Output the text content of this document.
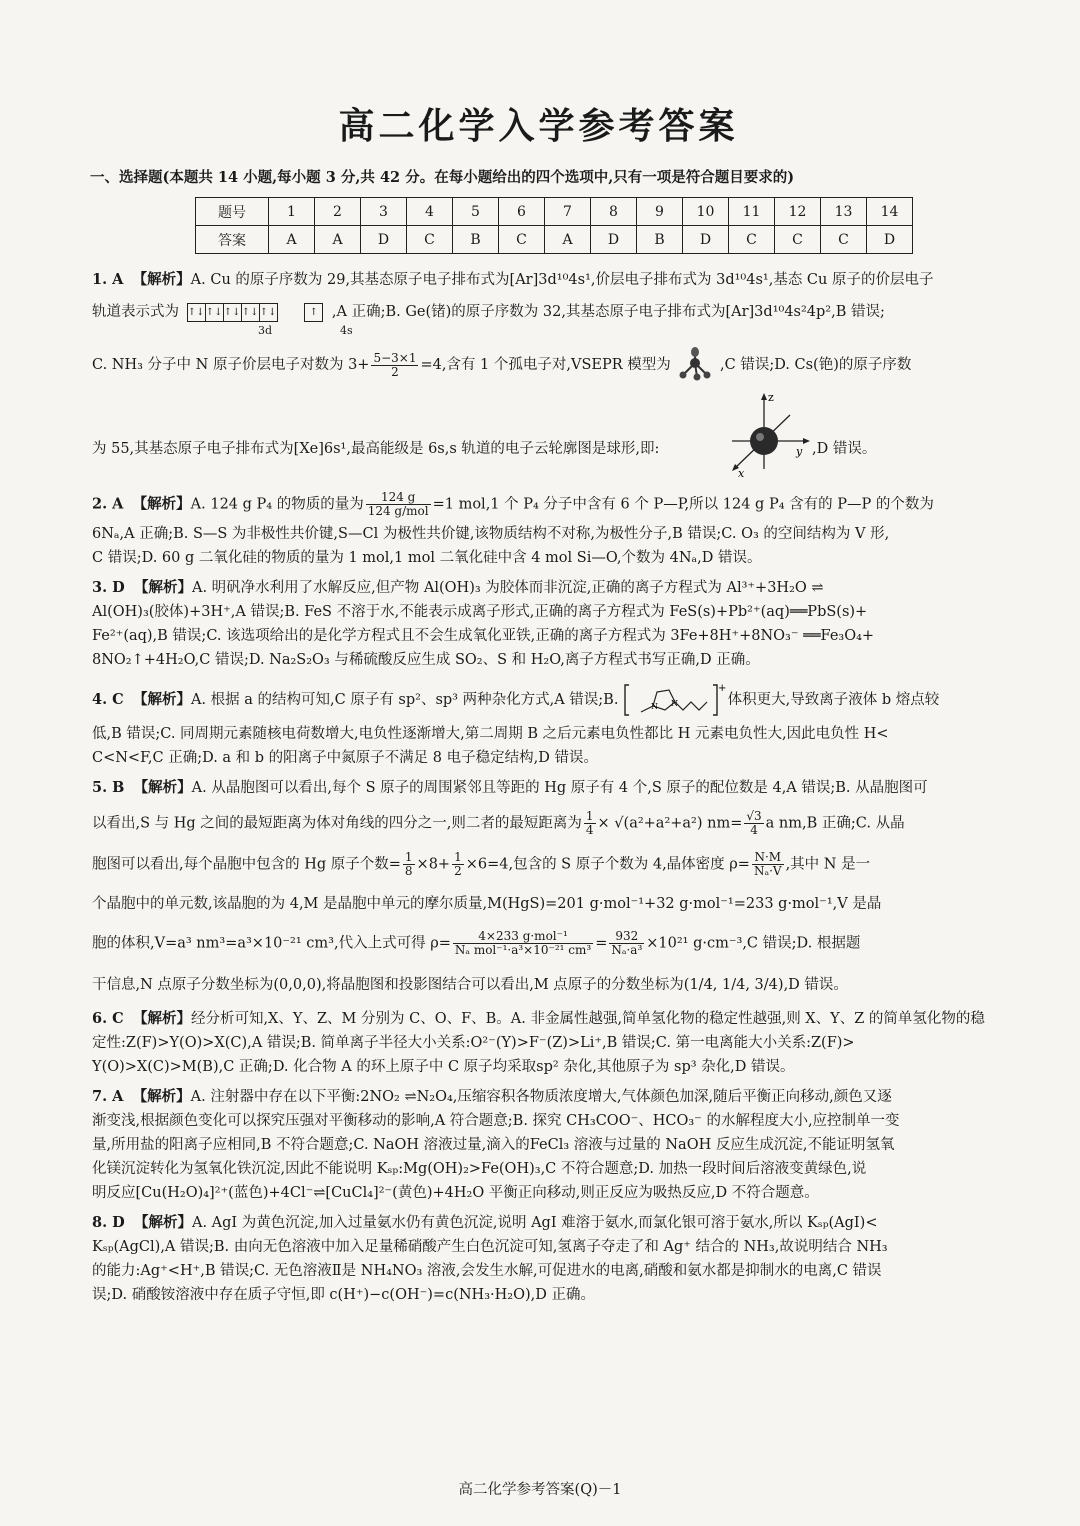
高二化学入学参考答案
一、选择题(本题共 14 小题,每小题 3 分,共 42 分。在每小题给出的四个选项中,只有一项是符合题目要求的)
题号	1	2	3	4	5	6	7	8	9	10	11	12	13	14
答案	A	A	D	C	B	C	A	D	B	D	C	C	C	D

1. A 【解析】A. Cu 的原子序数为 29,其基态原子电子排布式为[Ar]3d¹⁰4s¹,价层电子排布式为 3d¹⁰4s¹,基态 Cu 原子的价层电子

轨道表示式为 ↑↓↑↓↑↓↑↓↑↓	↑ ,A 正确;B. Ge(锗)的原子序数为 32,其基态原子电子排布式为[Ar]3d¹⁰4s²4p²,B 错误;

3d	4s

C. NH₃ 分子中 N 原子价层电子对数为 $3+ \frac{5-3\times 1}{2} =4$,含有 1 个孤电子对,VSEPR 模型为	,C 错误;D. Cs(铯)的原子序数

为 55,其基态原子电子排布式为[Xe]6s¹,最高能级是 6s,s 轨道的电子云轮廓图是球形,即:
z
y
x
,D 错误。

2. A 【解析】A. 124 g P₄ 的物质的量为 $\frac{124 g}{\text{124 g/mol}} =1$ mol,1 个 P₄ 分子中含有 6 个 P—P,所以 124 g P₄ 含有的 P—P 的个数为

6Nₐ,A 正确;B. S—S 为非极性共价键,S—Cl 为极性共价键,该物质结构不对称,为极性分子,B 错误;C. O₃ 的空间结构为 V 形,

C 错误;D. 60 g 二氧化硅的物质的量为 1 mol,1 mol 二氧化硅中含 4 mol Si—O,个数为 4Nₐ,D 错误。

3. D 【解析】A. 明矾净水利用了水解反应,但产物 Al(OH)₃ 为胶体而非沉淀,正确的离子方程式为 Al³⁺+3H₂O ⇌

Al(OH)₃(胶体)+3H⁺,A 错误;B. FeS 不溶于水,不能表示成离子形式,正确的离子方程式为 FeS(s)+Pb²⁺(aq)══PbS(s)+

Fe²⁺(aq),B 错误;C. 该选项给出的是化学方程式且不会生成氧化亚铁,正确的离子方程式为 3Fe+8H⁺+8NO₃⁻ ══Fe₃O₄+

8NO₂↑+4H₂O,C 错误;D. Na₂S₂O₃ 与稀硫酸反应生成 SO₂、S 和 H₂O,离子方程式书写正确,D 正确。

4. C 【解析】A. 根据 a 的结构可知,C 原子有 sp²、sp³ 两种杂化方式,A 错误;B.
+
N N	体积更大,导致离子液体 b 熔点较

低,B 错误;C. 同周期元素随核电荷数增大,电负性逐渐增大,第二周期 B 之后元素电负性都比 H 元素电负性大,因此电负性 H<

C<N<F,C 正确;D. a 和 b 的阳离子中氮原子不满足 8 电子稳定结构,D 错误。

5. B 【解析】A. 从晶胞图可以看出,每个 S 原子的周围紧邻且等距的 Hg 原子有 4 个,S 原子的配位数是 4,A 错误;B. 从晶胞图可

以看出,S 与 Hg 之间的最短距离为体对角线的四分之一,则二者的最短距离为 $\frac{1}{4} \times √(a^2+a^2+a^2)$ $nm= \frac{√3}{4}$ a nm,B 正确;C. 从晶

胞图可以看出,每个晶胞中包含的 Hg 原子个数= $\frac{1}{8} \times 8+ \frac{1}{2} \times 6=4$,包含的 S 原子个数为 4,晶体密度 $\rho= \frac{N\cdot M}{\text{Nₐ·V}}$ ,其中 N 是一

个晶胞中的单元数,该晶胞的为 4,M 是晶胞中单元的摩尔质量,M(HgS)=201 g·mol⁻¹+32 g·mol⁻¹=233 g·mol⁻¹,V 是晶

胞的体积,V=a³ nm³=a³×10⁻²¹ cm³,代入上式可得 $\rho= \frac{\text{4×233 g·mol⁻¹}}{\text{Nₐ mol⁻¹·a³×10⁻²¹ cm³}} = \frac{932}{\text{Nₐ·a³}} \times 10^{21}$ g·cm⁻³,C 错误;D. 根据题

干信息,N 点原子分数坐标为(0,0,0),将晶胞图和投影图结合可以看出,M 点原子的分数坐标为(1/4, 1/4, 3/4),D 错误。

6. C 【解析】经分析可知,X、Y、Z、M 分别为 C、O、F、B。A. 非金属性越强,简单氢化物的稳定性越强,则 X、Y、Z 的简单氢化物的稳

定性:Z(F)>Y(O)>X(C),A 错误;B. 简单离子半径大小关系:O²⁻(Y)>F⁻(Z)>Li⁺,B 错误;C. 第一电离能大小关系:Z(F)>

Y(O)>X(C)>M(B),C 正确;D. 化合物 A 的环上原子中 C 原子均采取sp² 杂化,其他原子为 sp³ 杂化,D 错误。

7. A 【解析】A. 注射器中存在以下平衡:2NO₂ ⇌N₂O₄,压缩容积各物质浓度增大,气体颜色加深,随后平衡正向移动,颜色又逐

渐变浅,根据颜色变化可以探究压强对平衡移动的影响,A 符合题意;B. 探究 CH₃COO⁻、HCO₃⁻ 的水解程度大小,应控制单一变

量,所用盐的阳离子应相同,B 不符合题意;C. NaOH 溶液过量,滴入的FeCl₃ 溶液与过量的 NaOH 反应生成沉淀,不能证明氢氧

化镁沉淀转化为氢氧化铁沉淀,因此不能说明 Kₛₚ:Mg(OH)₂>Fe(OH)₃,C 不符合题意;D. 加热一段时间后溶液变黄绿色,说

明反应[Cu(H₂O)₄]²⁺(蓝色)+4Cl⁻⇌[CuCl₄]²⁻(黄色)+4H₂O 平衡正向移动,则正反应为吸热反应,D 不符合题意。

8. D 【解析】A. AgI 为黄色沉淀,加入过量氨水仍有黄色沉淀,说明 AgI 难溶于氨水,而氯化银可溶于氨水,所以 Kₛₚ(AgI)<

Kₛₚ(AgCl),A 错误;B. 由向无色溶液中加入足量稀硝酸产生白色沉淀可知,氢离子夺走了和 Ag⁺ 结合的 NH₃,故说明结合 NH₃

的能力:Ag⁺<H⁺,B 错误;C. 无色溶液Ⅱ是 NH₄NO₃ 溶液,会发生水解,可促进水的电离,硝酸和氨水都是抑制水的电离,C 错误

误;D. 硝酸铵溶液中存在质子守恒,即 c(H⁺)−c(OH⁻)=c(NH₃·H₂O),D 正确。

高二化学参考答案(Q)－1
